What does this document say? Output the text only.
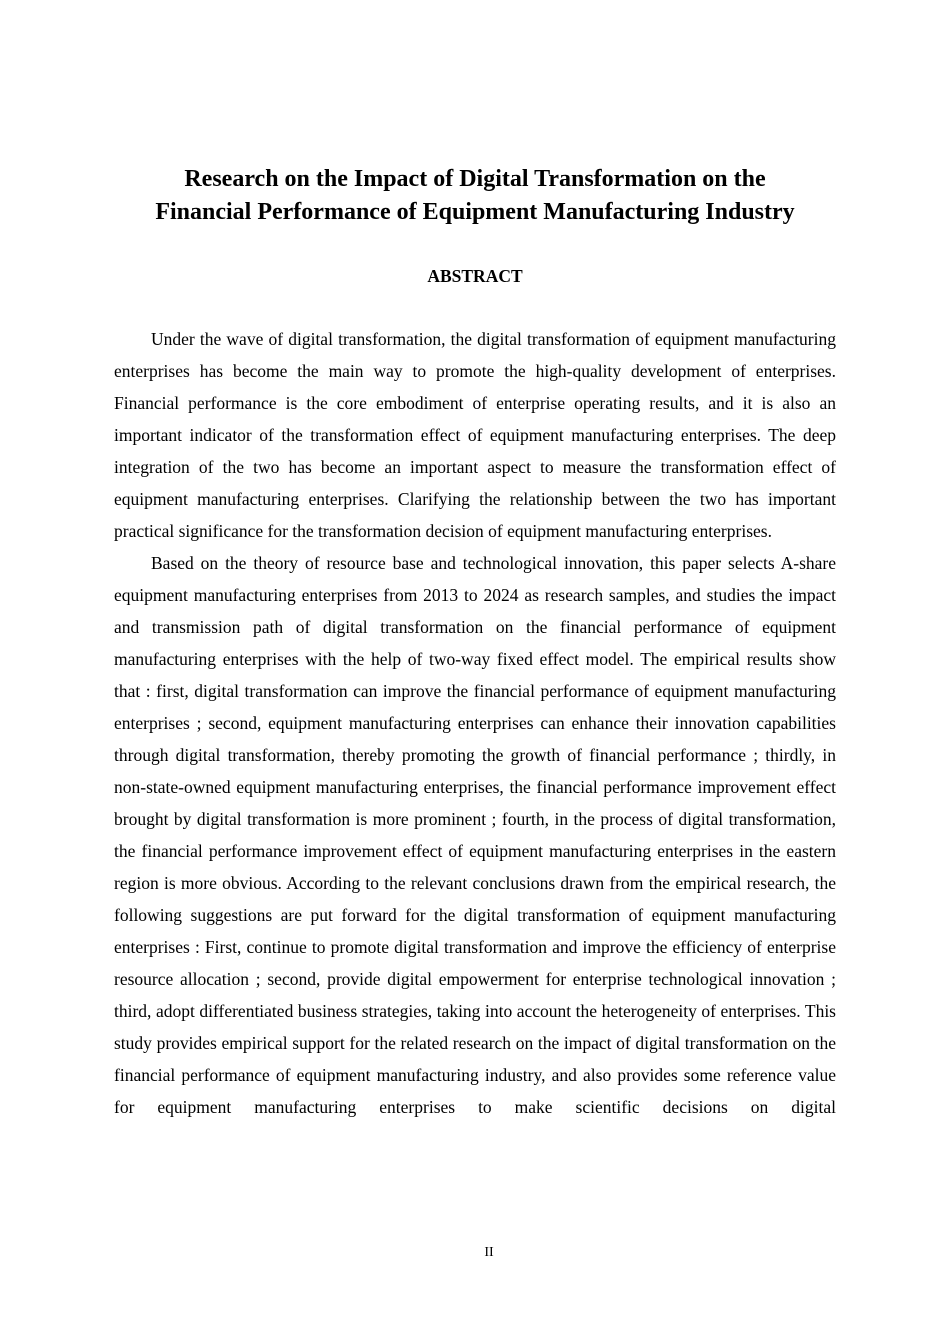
Research on the Impact of Digital Transformation on the
Financial Performance of Equipment Manufacturing Industry
ABSTRACT

Under the wave of digital transformation, the digital transformation of equipment manufacturing enterprises has become the main way to promote the high-quality development of enterprises. Financial performance is the core embodiment of enterprise operating results, and it is also an important indicator of the transformation effect of equipment manufacturing enterprises. The deep integration of the two has become an important aspect to measure the transformation effect of equipment manufacturing enterprises. Clarifying the relationship between the two has important practical significance for the transformation decision of equipment manufacturing enterprises.

Based on the theory of resource base and technological innovation, this paper selects A-share equipment manufacturing enterprises from 2013 to 2024 as research samples, and studies the impact and transmission path of digital transformation on the financial performance of equipment manufacturing enterprises with the help of two-way fixed effect model. The empirical results show that : first, digital transformation can improve the financial performance of equipment manufacturing enterprises ; second, equipment manufacturing enterprises can enhance their innovation capabilities through digital transformation, thereby promoting the growth of financial performance ; thirdly, in non-state-owned equipment manufacturing enterprises, the financial performance improvement effect brought by digital transformation is more prominent ; fourth, in the process of digital transformation, the financial performance improvement effect of equipment manufacturing enterprises in the eastern region is more obvious. According to the relevant conclusions drawn from the empirical research, the following suggestions are put forward for the digital transformation of equipment manufacturing enterprises : First, continue to promote digital transformation and improve the efficiency of enterprise resource allocation ; second, provide digital empowerment for enterprise technological innovation ; third, adopt differentiated business strategies, taking into account the heterogeneity of enterprises. This study provides empirical support for the related research on the impact of digital transformation on the financial performance of equipment manufacturing industry, and also provides some reference value for equipment manufacturing enterprises to make scientific decisions on digital

II
